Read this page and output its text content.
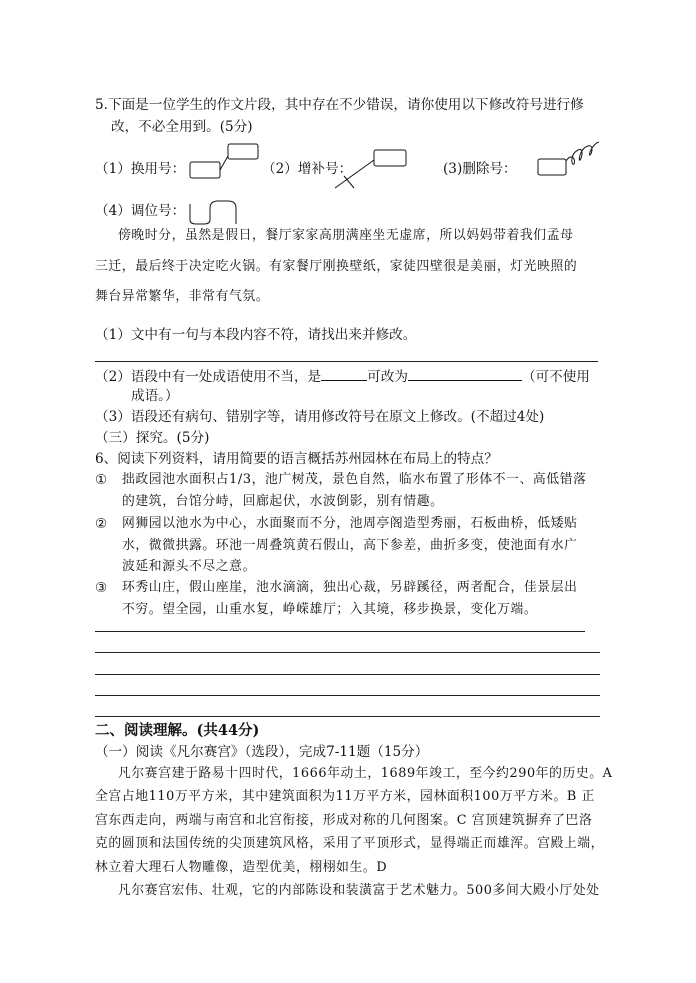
5.下面是一位学生的作文片段，其中存在不少错误，请你使用以下修改符号进行修
改，不必全用到。(5分)
（1）换用号：	（2）增补号：	(3)删除号：
（4）调位号：
傍晚时分，虽然是假日，餐厅家家高朋满座坐无虚席，所以妈妈带着我们孟母
三迁，最后终于决定吃火锅。有家餐厅刚换壁纸，家徒四壁很是美丽，灯光映照的
舞台异常繁华，非常有气氛。
（1）文中有一句与本段内容不符，请找出来并修改。
（2）语段中有一处成语使用不当，是	可改为	（可不使用
成语。）
（3）语段还有病句、错别字等，请用修改符号在原文上修改。(不超过4处)
（三）探究。(5分)
6、阅读下列资料，请用简要的语言概括苏州园林在布局上的特点？
① 拙政园池水面积占1/3，池广树茂，景色自然，临水布置了形体不一、高低错落
的建筑，台馆分峙，回廊起伏，水波倒影，别有情趣。
② 网狮园以池水为中心，水面聚而不分，池周亭阁造型秀丽，石板曲桥，低矮贴
水，微微拱露。环池一周叠筑黄石假山，高下参差，曲折多变，使池面有水广
波延和源头不尽之意。
③ 环秀山庄，假山座崖，池水滴滴，独出心裁，另辟蹊径，两者配合，佳景层出
不穷。望全园，山重水复，峥嵘雄厅；入其境，移步换景，变化万端。
二、阅读理解。(共44分)
（一）阅读《凡尔赛宫》（选段），完成7-11题（15分）
凡尔赛宫建于路易十四时代，1666年动土，1689年竣工，至今约290年的历史。A
全宫占地110万平方米，其中建筑面积为11万平方米，园林面积100万平方米。B 正
宫东西走向，两端与南宫和北宫衔接，形成对称的几何图案。C 宫顶建筑摒弃了巴洛
克的圆顶和法国传统的尖顶建筑风格，采用了平顶形式，显得端正而雄浑。宫殿上端，
林立着大理石人物雕像，造型优美，栩栩如生。D
凡尔赛宫宏伟、壮观，它的内部陈设和装潢富于艺术魅力。500多间大殿小厅处处
